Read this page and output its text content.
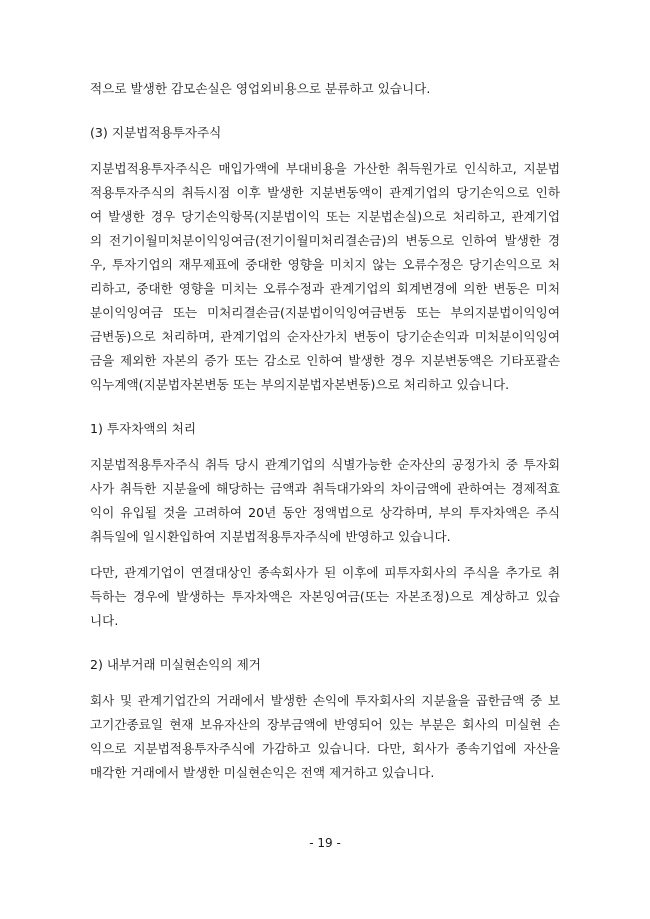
적으로 발생한 감모손실은 영업외비용으로 분류하고 있습니다.
(3) 지분법적용투자주식
지분법적용투자주식은 매입가액에 부대비용을 가산한 취득원가로 인식하고, 지분법
적용투자주식의 취득시점 이후 발생한 지분변동액이 관계기업의 당기손익으로 인하
여 발생한 경우 당기손익항목(지분법이익 또는 지분법손실)으로 처리하고, 관계기업
의 전기이월미처분이익잉여금(전기이월미처리결손금)의 변동으로 인하여 발생한 경
우, 투자기업의 재무제표에 중대한 영향을 미치지 않는 오류수정은 당기손익으로 처
리하고, 중대한 영향을 미치는 오류수정과 관계기업의 회계변경에 의한 변동은 미처
분이익잉여금 또는 미처리결손금(지분법이익잉여금변동 또는 부의지분법이익잉여
금변동)으로 처리하며, 관계기업의 순자산가치 변동이 당기순손익과 미처분이익잉여
금을 제외한 자본의 증가 또는 감소로 인하여 발생한 경우 지분변동액은 기타포괄손
익누계액(지분법자본변동 또는 부의지분법자본변동)으로 처리하고 있습니다.
1) 투자차액의 처리
지분법적용투자주식 취득 당시 관계기업의 식별가능한 순자산의 공정가치 중 투자회
사가 취득한 지분율에 해당하는 금액과 취득대가와의 차이금액에 관하여는 경제적효
익이 유입될 것을 고려하여 20년 동안 정액법으로 상각하며, 부의 투자차액은 주식
취득일에 일시환입하여 지분법적용투자주식에 반영하고 있습니다.
다만, 관계기업이 연결대상인 종속회사가 된 이후에 피투자회사의 주식을 추가로 취
득하는 경우에 발생하는 투자차액은 자본잉여금(또는 자본조정)으로 계상하고 있습
니다.
2) 내부거래 미실현손익의 제거
회사 및 관계기업간의 거래에서 발생한 손익에 투자회사의 지분율을 곱한금액 중 보
고기간종료일 현재 보유자산의 장부금액에 반영되어 있는 부분은 회사의 미실현 손
익으로 지분법적용투자주식에 가감하고 있습니다. 다만, 회사가 종속기업에 자산을
매각한 거래에서 발생한 미실현손익은 전액 제거하고 있습니다.
- 19 -
